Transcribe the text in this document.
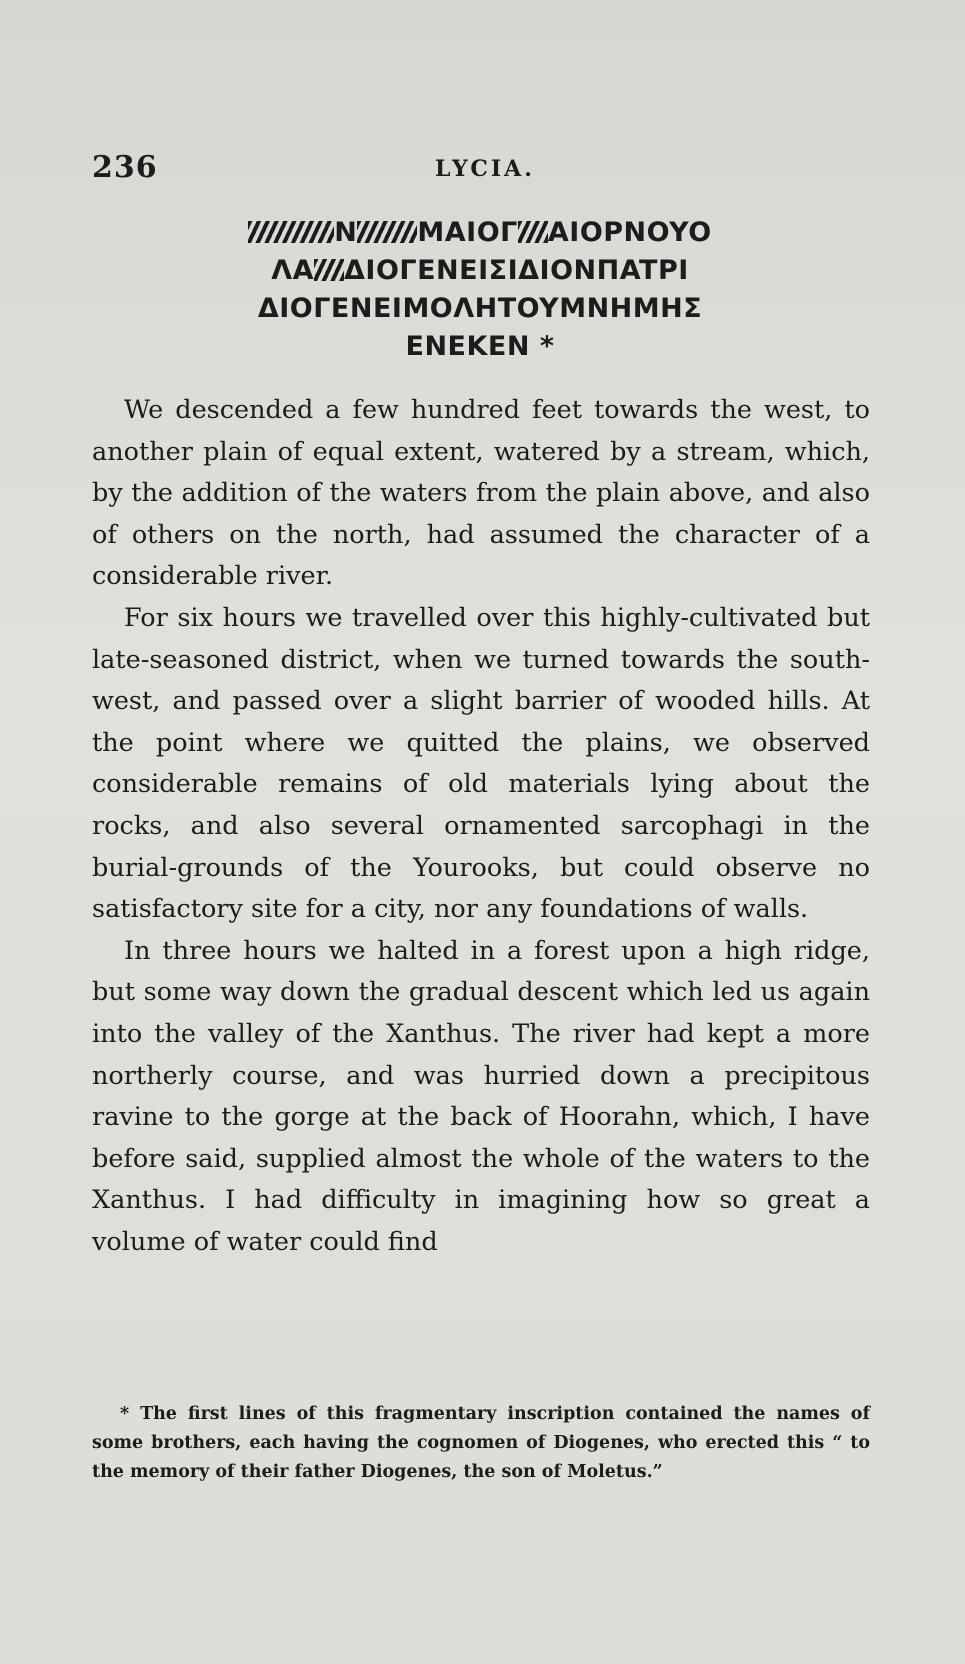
236	LYCIA.
N MAIOΓ AIOPNOYO
ΛA ΔIOΓENEIΣIΔIONΠATPI
ΔIOΓENEIMOΛHTOYMNHMHΣ
ENEKEN *

We descended a few hundred feet towards the west, to another plain of equal extent, watered by a stream, which, by the addition of the waters from the plain above, and also of others on the north, had assumed the character of a considerable river.

For six hours we travelled over this highly-cultivated but late-seasoned district, when we turned towards the south-west, and passed over a slight barrier of wooded hills. At the point where we quitted the plains, we observed considerable remains of old materials lying about the rocks, and also several ornamented sarcophagi in the burial-grounds of the Yourooks, but could observe no satisfactory site for a city, nor any foundations of walls.

In three hours we halted in a forest upon a high ridge, but some way down the gradual descent which led us again into the valley of the Xanthus. The river had kept a more northerly course, and was hurried down a precipitous ravine to the gorge at the back of Hoorahn, which, I have before said, supplied almost the whole of the waters to the Xanthus. I had difficulty in imagining how so great a volume of water could find

* The first lines of this fragmentary inscription contained the names of some brothers, each having the cognomen of Diogenes, who erected this “ to the memory of their father Diogenes, the son of Moletus.”
